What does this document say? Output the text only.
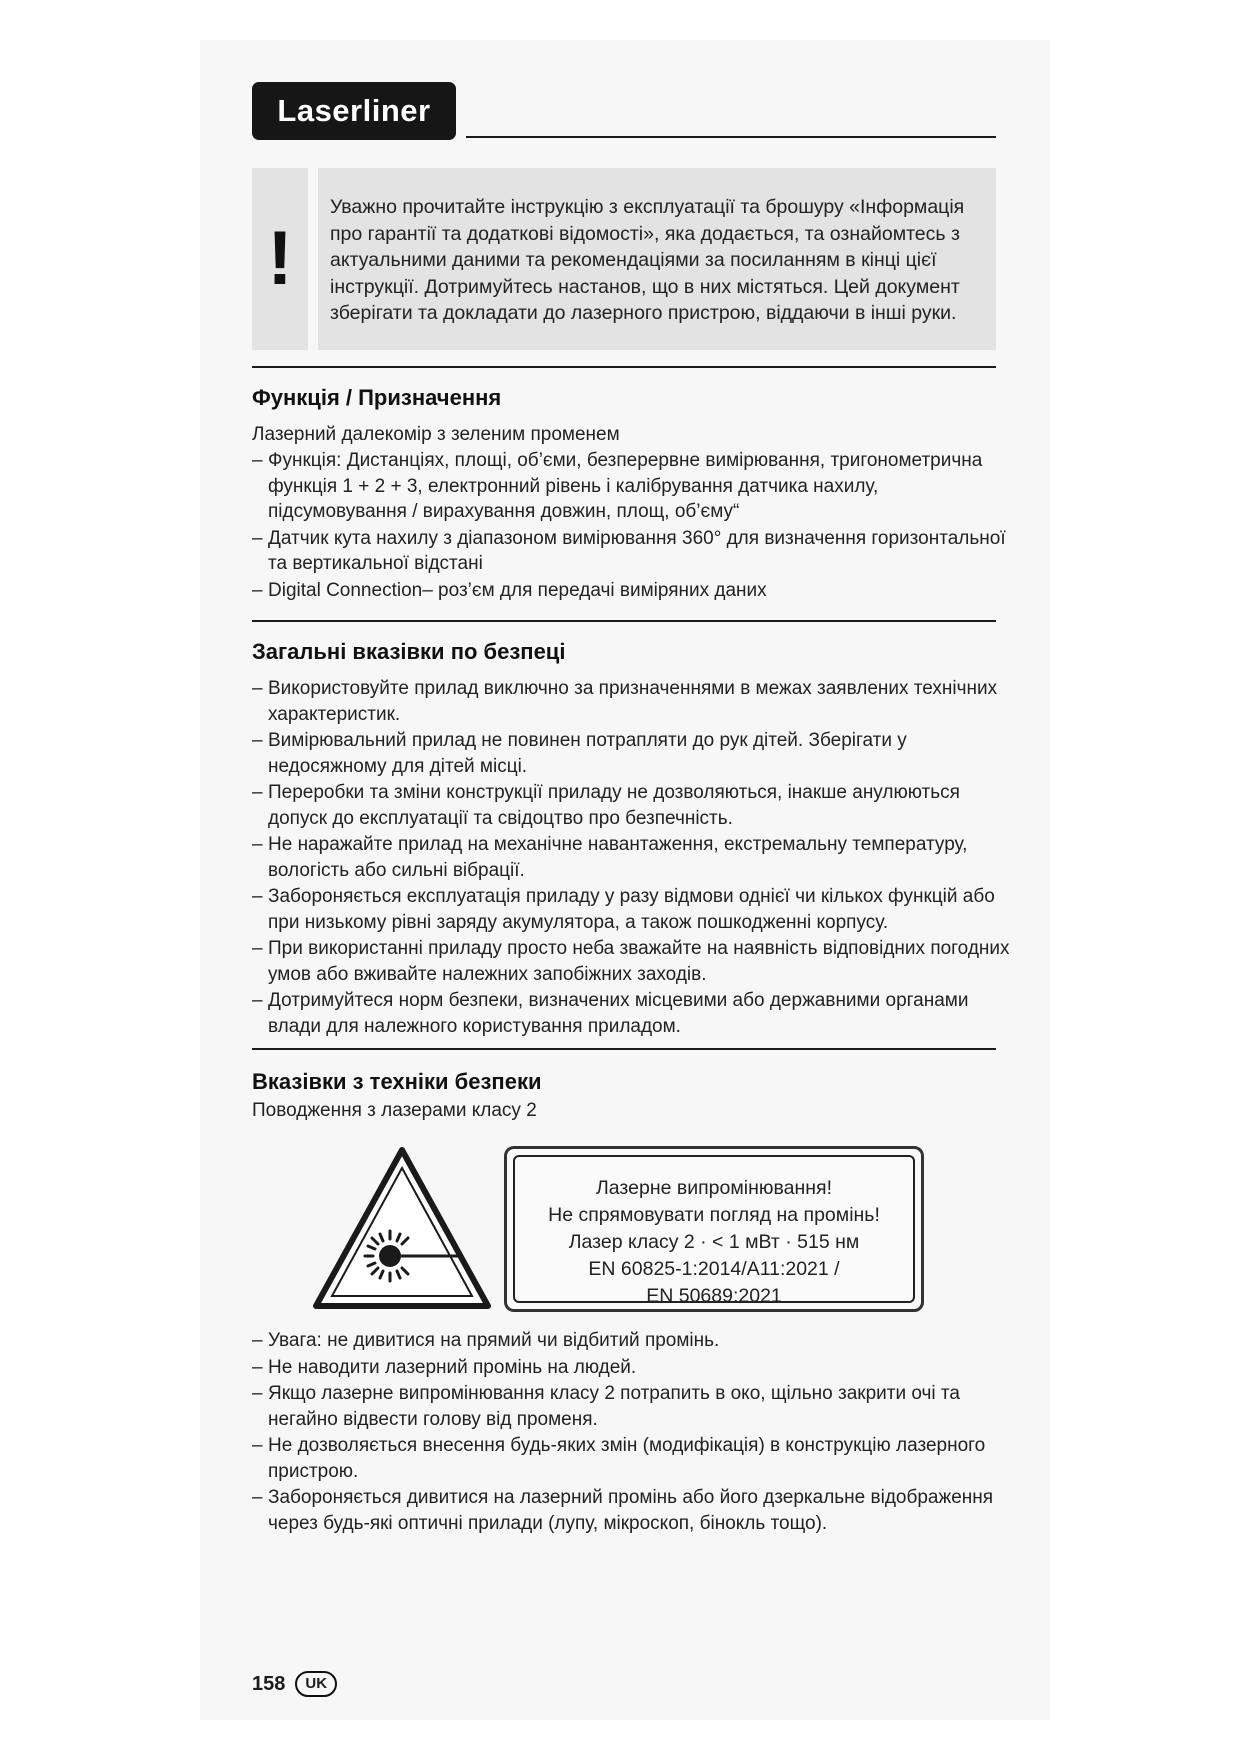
Laserliner
!
Уважно прочитайте інструкцію з експлуатації та брошуру «Інформація про гарантії та додаткові відомості», яка додається, та ознайомтесь з актуальними даними та рекомендаціями за посиланням в кінці цієї інструкції. Дотримуйтесь настанов, що в них містяться. Цей документ зберігати та докладати до лазерного пристрою, віддаючи в інші руки.
Функція / Призначення
Лазерний далекомір з зеленим променем
– Функція: Дистанціях, площі, об’єми, безперервне вимірювання, тригонометрична функція 1 + 2 + 3, електронний рівень і калібрування датчика нахилу, підсумовування / вирахування довжин, площ, об’єму“
– Датчик кута нахилу з діапазоном вимірювання 360° для визначення горизонтальної та вертикальної відстані
– Digital Connection– роз’єм для передачі виміряних даних
Загальні вказівки по безпеці
– Використовуйте прилад виключно за призначеннями в межах заявлених технічних характеристик.
– Вимірювальний прилад не повинен потрапляти до рук дітей. Зберігати у недосяжному для дітей місці.
– Переробки та зміни конструкції приладу не дозволяються, інакше анулюються допуск до експлуатації та свідоцтво про безпечність.
– Не наражайте прилад на механічне навантаження, екстремальну температуру, вологість або сильні вібрації.
– Забороняється експлуатація приладу у разу відмови однієї чи кількох функцій або при низькому рівні заряду акумулятора, а також пошкодженні корпусу.
– При використанні приладу просто неба зважайте на наявність відповідних погодних умов або вживайте належних запобіжних заходів.
– Дотримуйтеся норм безпеки, визначених місцевими або державними органами влади для належного користування приладом.
Вказівки з техніки безпеки
Поводження з лазерами класу 2
Лазерне випромінювання!
Не спрямовувати погляд на промінь!
Лазер класу 2 · < 1 мВт · 515 нм
EN 60825-1:2014/A11:2021 /
EN 50689:2021
– Увага: не дивитися на прямий чи відбитий промінь.
– Не наводити лазерний промінь на людей.
– Якщо лазерне випромінювання класу 2 потрапить в око, щільно закрити очі та негайно відвести голову від променя.
– Не дозволяється внесення будь-яких змін (модифікація) в конструкцію лазерного пристрою.
– Забороняється дивитися на лазерний промінь або його дзеркальне відображення через будь-які оптичні прилади (лупу, мікроскоп, бінокль тощо).
158	UK
